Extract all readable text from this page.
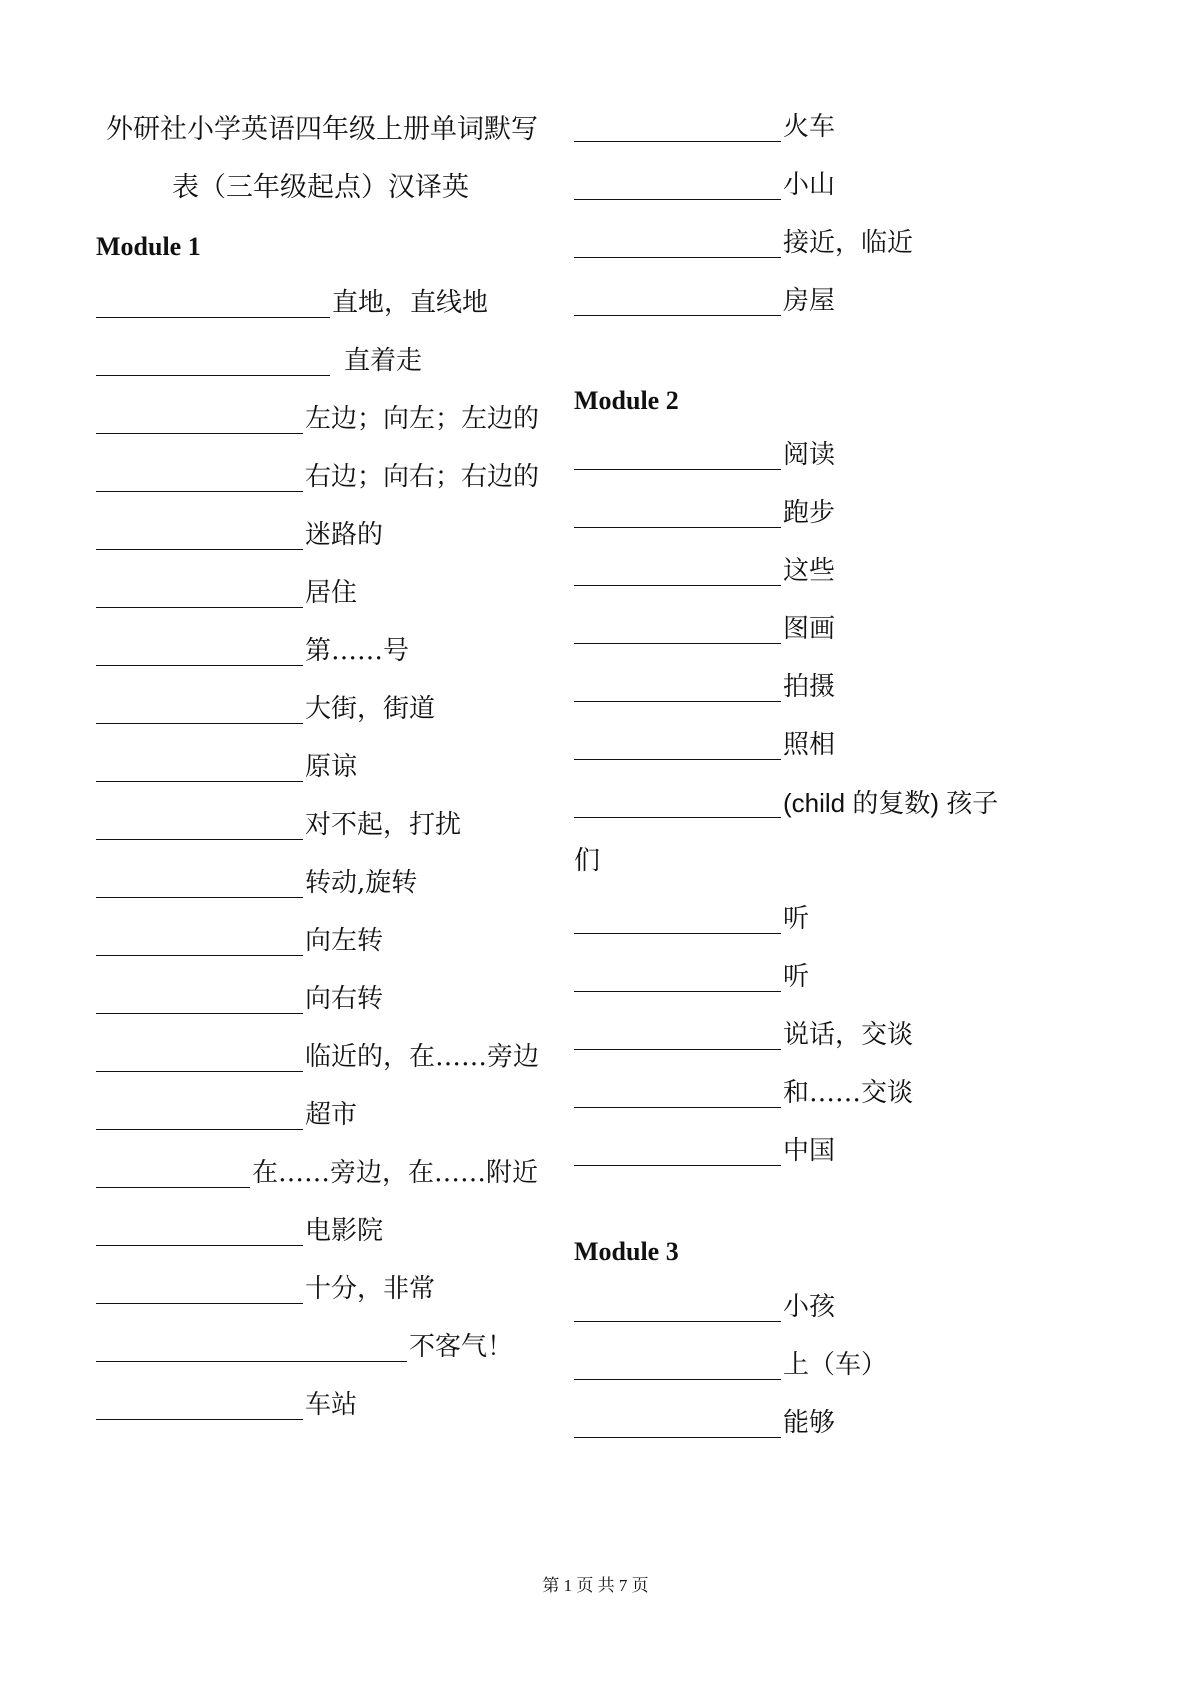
外研社小学英语四年级上册单词默写
表（三年级起点）汉译英
Module 1
直地，直线地
直着走
左边；向左；左边的
右边；向右；右边的
迷路的
居住
第……号
大街，街道
原谅
对不起，打扰
转动,旋转
向左转
向右转
临近的，在……旁边
超市
在……旁边，在……附近
电影院
十分，非常
不客气！
车站
火车
小山
接近，临近
房屋
Module 2
阅读
跑步
这些
图画
拍摄
照相
(child 的复数) 孩子
们
听
听
说话，交谈
和……交谈
中国
Module 3
小孩
上（车）
能够
第 1 页 共 7 页
